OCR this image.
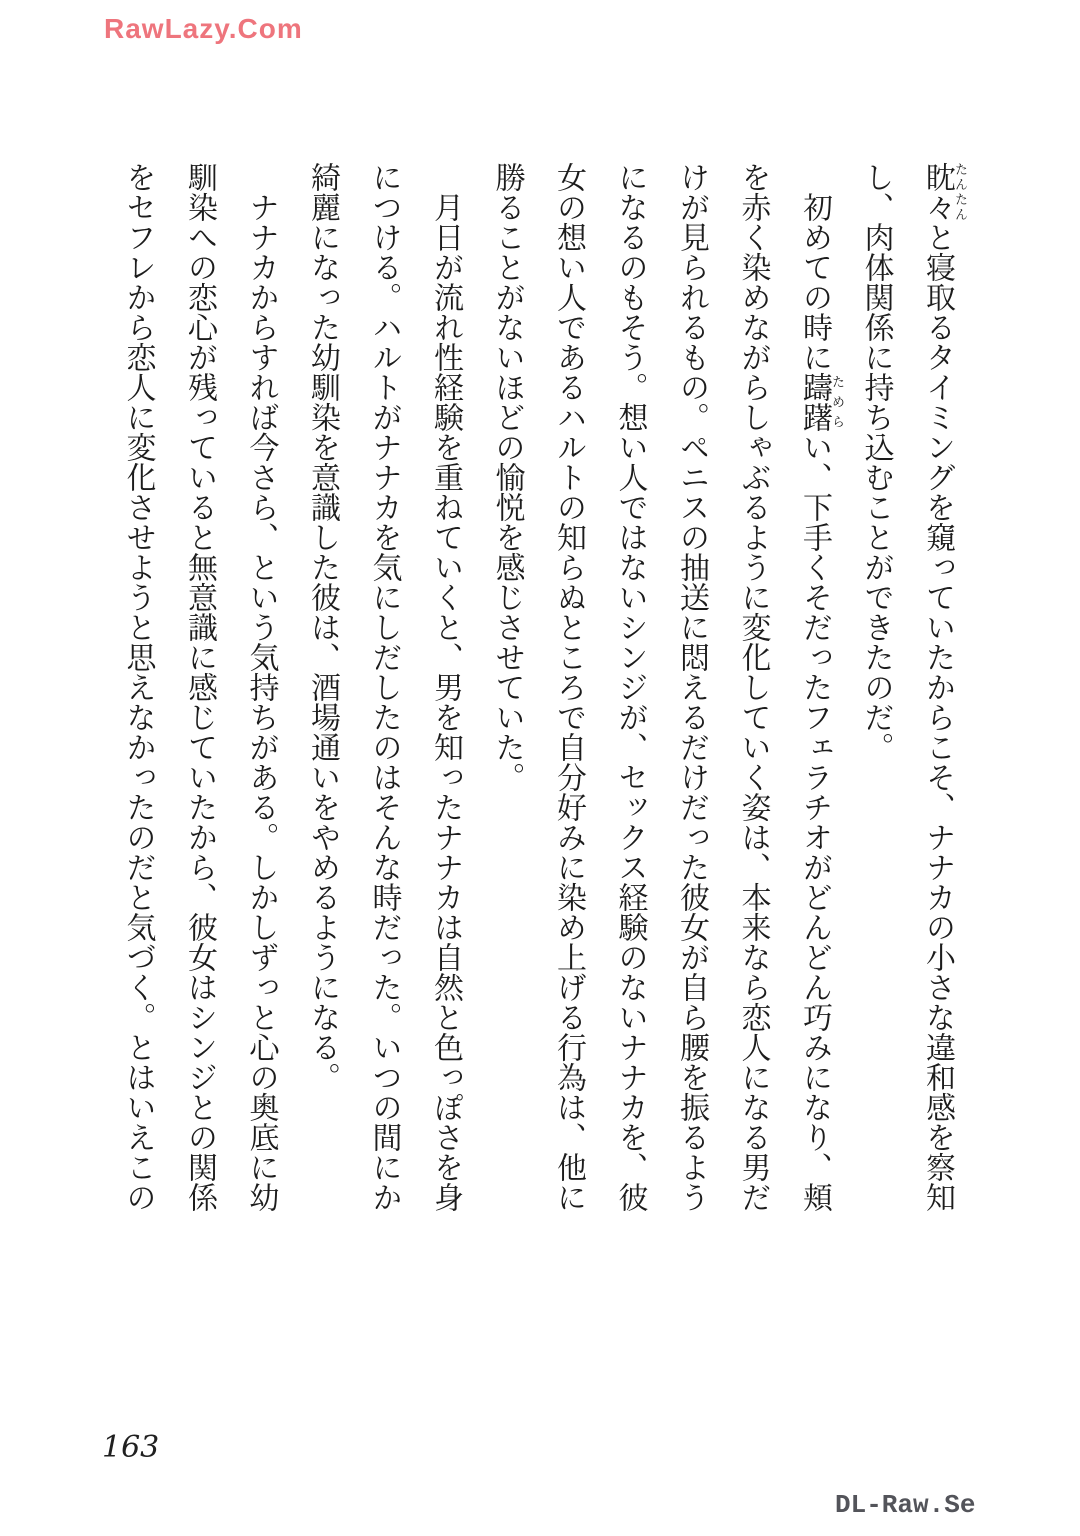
RawLazy.Com
眈々たんたんと寝取るタイミングを窺っていたからこそ、ナナカの小さな違和感を察知
し、肉体関係に持ち込むことができたのだ。
　初めての時に躊躇ためらい、下手くそだったフェラチオがどんどん巧みになり、頬
を赤く染めながらしゃぶるように変化していく姿は、本来なら恋人になる男だ
けが見られるもの。ペニスの抽送に悶えるだけだった彼女が自ら腰を振るよう
になるのもそう。想い人ではないシンジが、セックス経験のないナナカを、彼
女の想い人であるハルトの知らぬところで自分好みに染め上げる行為は、他に
勝ることがないほどの愉悦を感じさせていた。
　月日が流れ性経験を重ねていくと、男を知ったナナカは自然と色っぽさを身
につける。ハルトがナナカを気にしだしたのはそんな時だった。いつの間にか
綺麗になった幼馴染を意識した彼は、酒場通いをやめるようになる。
　ナナカからすれば今さら、という気持ちがある。しかしずっと心の奥底に幼
馴染への恋心が残っていると無意識に感じていたから、彼女はシンジとの関係
をセフレから恋人に変化させようと思えなかったのだと気づく。とはいえこの
163
DL-Raw.Se
